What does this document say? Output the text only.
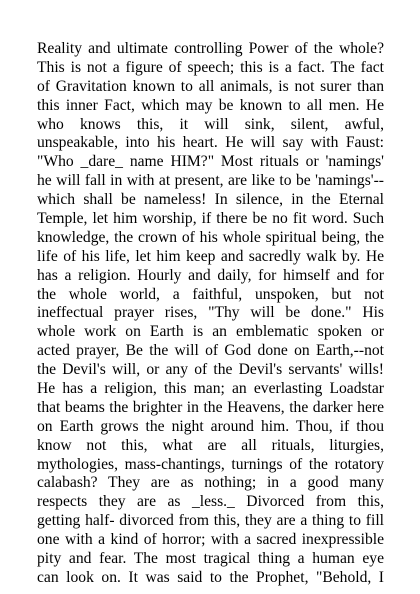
Reality and ultimate controlling Power of the whole?
This is not a figure of speech; this is a fact. The fact
of Gravitation known to all animals, is not surer than
this inner Fact, which may be known to all men. He
who knows this, it will sink, silent, awful,
unspeakable, into his heart. He will say with Faust:
"Who _dare_ name HIM?" Most rituals or 'namings'
he will fall in with at present, are like to be 'namings'--
which shall be nameless! In silence, in the Eternal
Temple, let him worship, if there be no fit word. Such
knowledge, the crown of his whole spiritual being, the
life of his life, let him keep and sacredly walk by. He
has a religion. Hourly and daily, for himself and for
the whole world, a faithful, unspoken, but not
ineffectual prayer rises, "Thy will be done." His
whole work on Earth is an emblematic spoken or
acted prayer, Be the will of God done on Earth,--not
the Devil's will, or any of the Devil's servants' wills!
He has a religion, this man; an everlasting Loadstar
that beams the brighter in the Heavens, the darker here
on Earth grows the night around him. Thou, if thou
know not this, what are all rituals, liturgies,
mythologies, mass-chantings, turnings of the rotatory
calabash? They are as nothing; in a good many
respects they are as _less._ Divorced from this,
getting half- divorced from this, they are a thing to fill
one with a kind of horror; with a sacred inexpressible
pity and fear. The most tragical thing a human eye
can look on. It was said to the Prophet, "Behold, I
